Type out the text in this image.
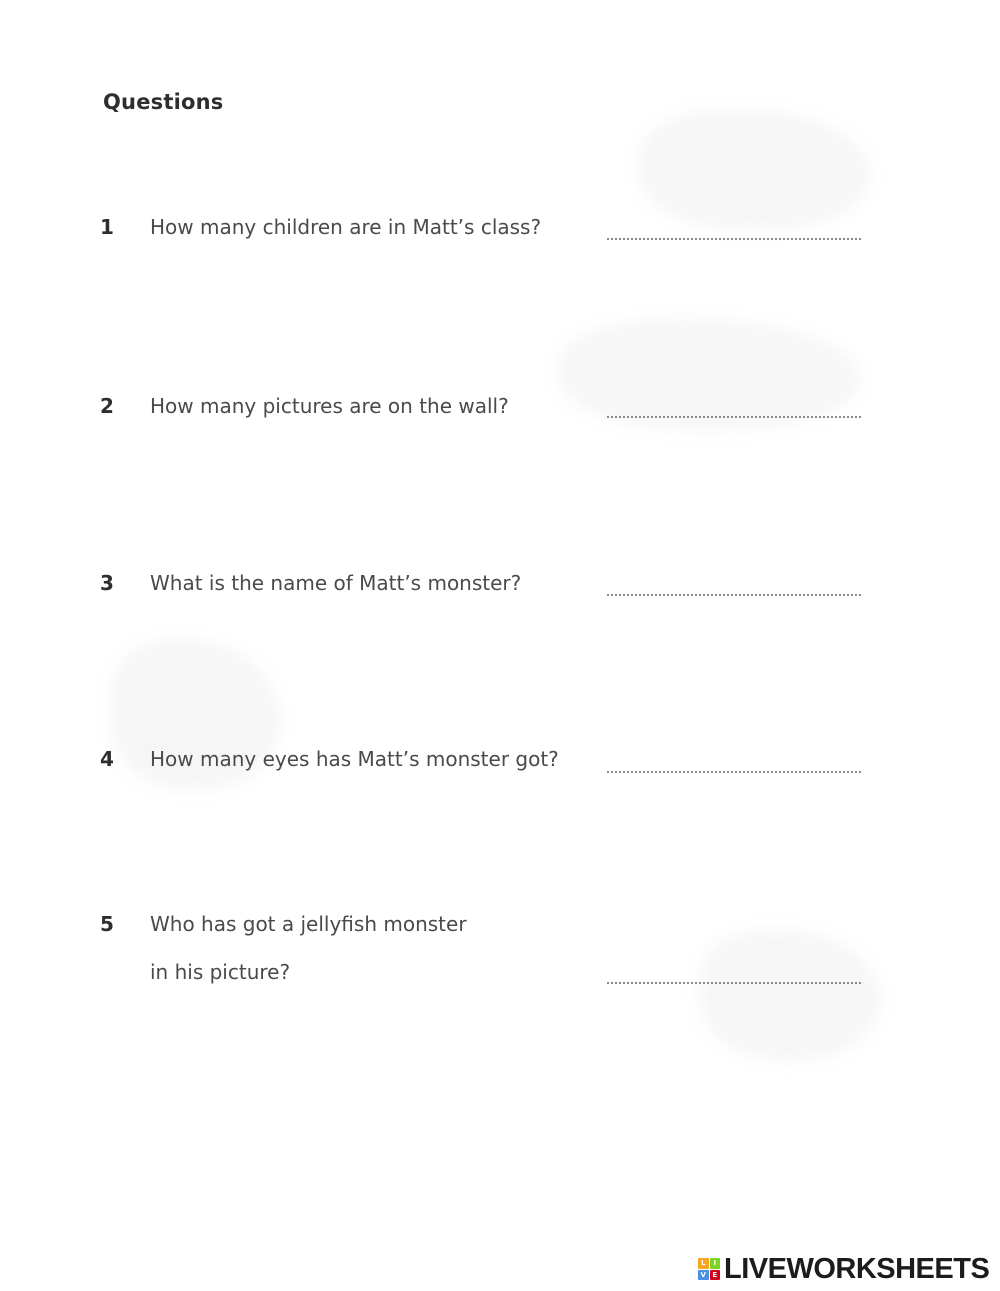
Questions
1 How many children are in Matt’s class?
2 How many pictures are on the wall?
3 What is the name of Matt’s monster?
4 How many eyes has Matt’s monster got?
5 Who has got a jellyfish monster
in his picture?
L	I
V E LIVEWORKSHEETS
